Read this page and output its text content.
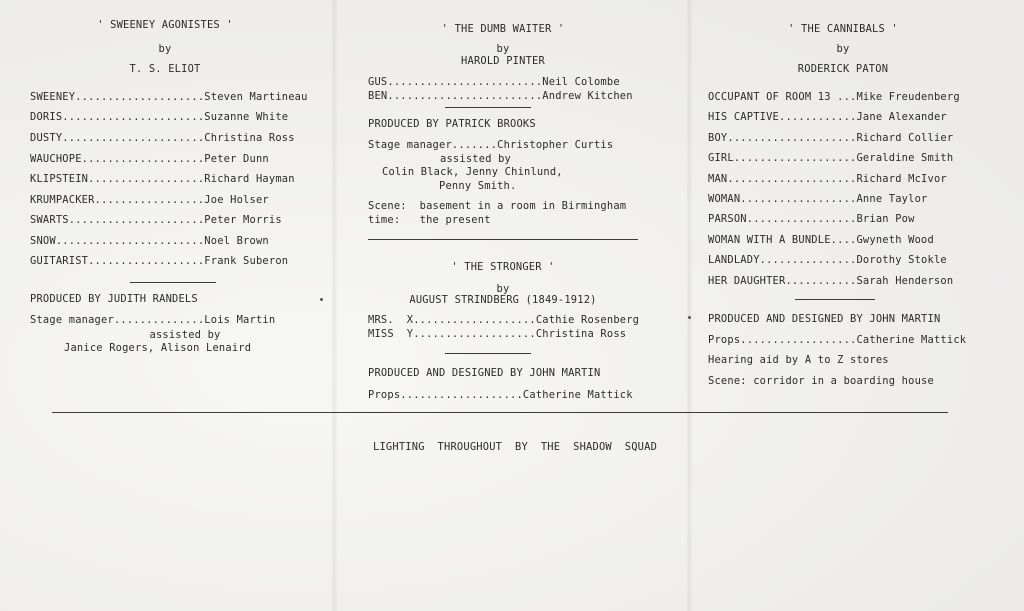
' SWEENEY AGONISTES '
by
T. S. ELIOT
SWEENEY....................Steven Martineau
DORIS......................Suzanne White
DUSTY......................Christina Ross
WAUCHOPE...................Peter Dunn
KLIPSTEIN..................Richard Hayman
KRUMPACKER.................Joe Holser
SWARTS.....................Peter Morris
SNOW.......................Noel Brown
GUITARIST..................Frank Suberon
PRODUCED BY JUDITH RANDELS
Stage manager..............Lois Martin
assisted by
Janice Rogers, Alison Lenaird
' THE DUMB WAITER '
by
HAROLD PINTER
GUS........................Neil Colombe
BEN........................Andrew Kitchen
PRODUCED BY PATRICK BROOKS
Stage manager.......Christopher Curtis
assisted by
Colin Black, Jenny Chinlund,
Penny Smith.
Scene:  basement in a room in Birmingham
time:   the present
' THE STRONGER '
by
AUGUST STRINDBERG (1849-1912)
MRS.  X...................Cathie Rosenberg
MISS  Y...................Christina Ross
PRODUCED AND DESIGNED BY JOHN MARTIN
Props...................Catherine Mattick
' THE CANNIBALS '
by
RODERICK PATON
OCCUPANT OF ROOM 13 ...Mike Freudenberg
HIS CAPTIVE............Jane Alexander
BOY....................Richard Collier
GIRL...................Geraldine Smith
MAN....................Richard McIvor
WOMAN..................Anne Taylor
PARSON.................Brian Pow
WOMAN WITH A BUNDLE....Gwyneth Wood
LANDLADY...............Dorothy Stokle
HER DAUGHTER...........Sarah Henderson
PRODUCED AND DESIGNED BY JOHN MARTIN
Props..................Catherine Mattick
Hearing aid by A to Z stores
Scene: corridor in a boarding house
LIGHTING  THROUGHOUT  BY  THE  SHADOW  SQUAD
